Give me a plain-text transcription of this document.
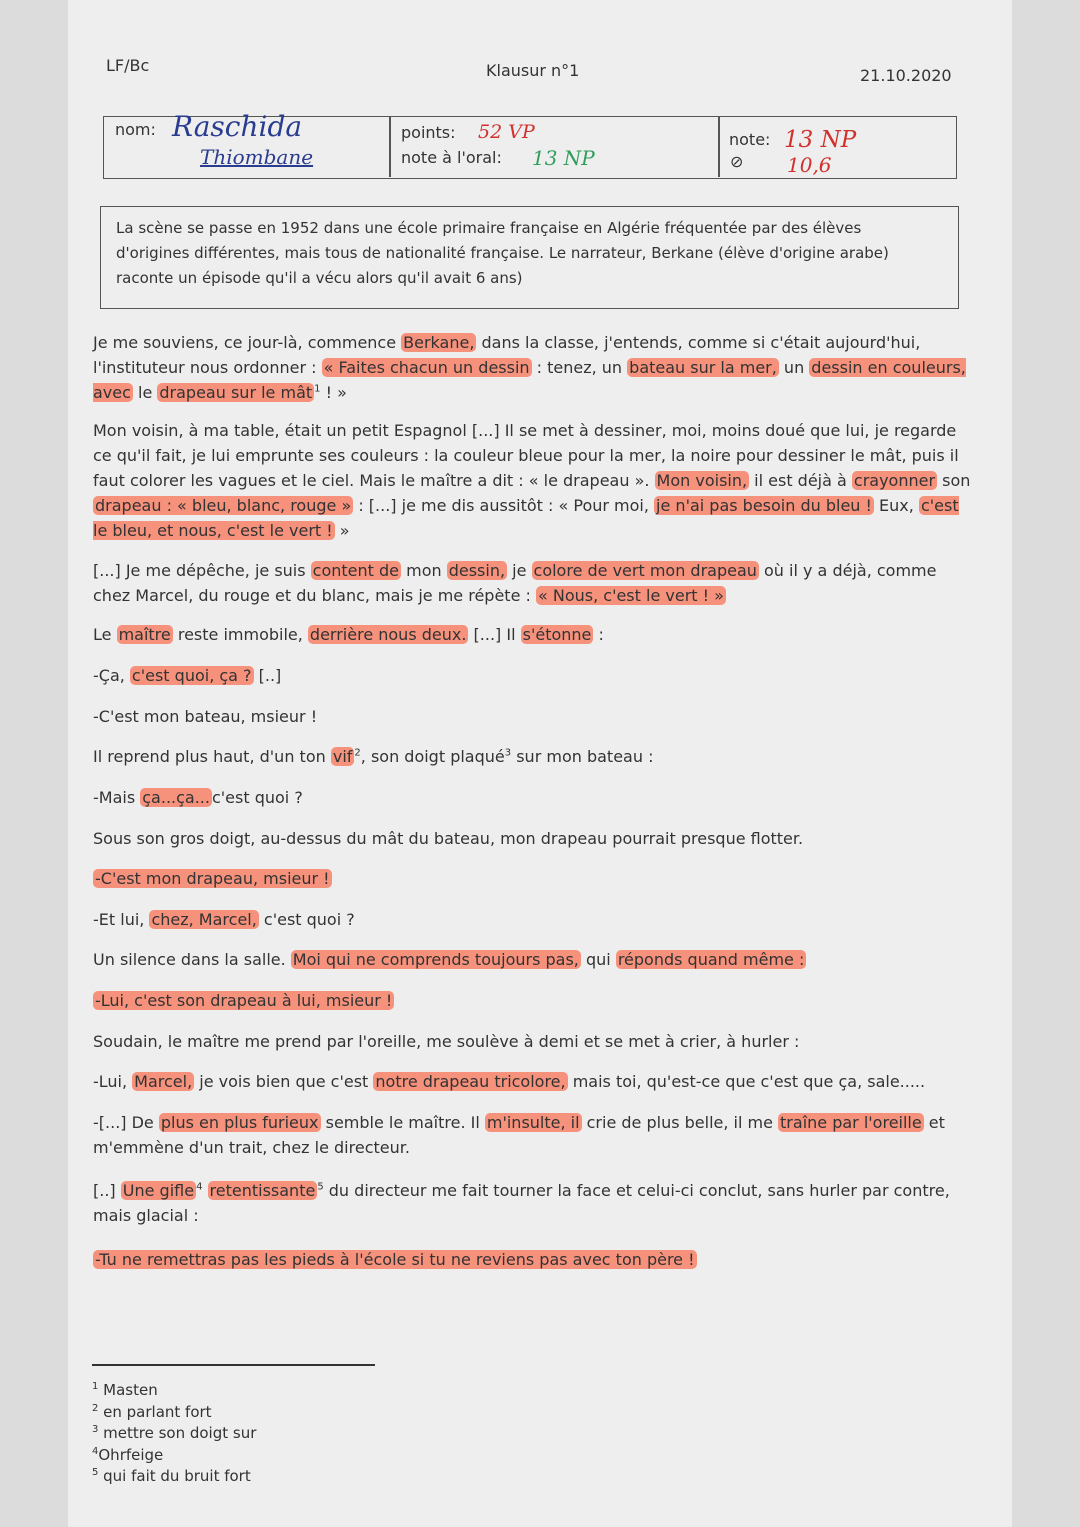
LF/Bc	Klausur n°1	21.10.2020
nom: Raschida
Thiombane
points: 52 VP
note à l'oral: 13 NP
note: 13 NP
⊘ 10,6
La scène se passe en 1952 dans une école primaire française en Algérie fréquentée par des élèves d'origines différentes, mais tous de nationalité française. Le narrateur, Berkane (élève d'origine arabe) raconte un épisode qu'il a vécu alors qu'il avait 6 ans)

Je me souviens, ce jour-là, commence Berkane, dans la classe, j'entends, comme si c'était aujourd'hui, l'instituteur nous ordonner : « Faites chacun un dessin : tenez, un bateau sur la mer, un dessin en couleurs, avec le drapeau sur le mât $^1$ ! »

Mon voisin, à ma table, était un petit Espagnol [...] Il se met à dessiner, moi, moins doué que lui, je regarde ce qu'il fait, je lui emprunte ses couleurs : la couleur bleue pour la mer, la noire pour dessiner le mât, puis il faut colorer les vagues et le ciel. Mais le maître a dit : « le drapeau ». Mon voisin, il est déjà à crayonner son drapeau : « bleu, blanc, rouge » : [...] je me dis aussitôt : « Pour moi, je n'ai pas besoin du bleu ! Eux, c'est le bleu, et nous, c'est le vert ! »

[...] Je me dépêche, je suis content de mon dessin, je colore de vert mon drapeau où il y a déjà, comme chez Marcel, du rouge et du blanc, mais je me répète : « Nous, c'est le vert ! »

Le maître reste immobile, derrière nous deux. [...] Il s'étonne :

-Ça, c'est quoi, ça ? [..]

-C'est mon bateau, msieur !

Il reprend plus haut, d'un ton vif $^2$, son doigt plaqué$^3$ sur mon bateau :

-Mais ça...ça... c'est quoi ?

Sous son gros doigt, au-dessus du mât du bateau, mon drapeau pourrait presque flotter.

-C'est mon drapeau, msieur !

-Et lui, chez, Marcel, c'est quoi ?

Un silence dans la salle. Moi qui ne comprends toujours pas, qui réponds quand même :

-Lui, c'est son drapeau à lui, msieur !

Soudain, le maître me prend par l'oreille, me soulève à demi et se met à crier, à hurler :

-Lui, Marcel, je vois bien que c'est notre drapeau tricolore, mais toi, qu'est-ce que c'est que ça, sale.....

-[...] De plus en plus furieux semble le maître. Il m'insulte, il crie de plus belle, il me traîne par l'oreille et m'emmène d'un trait, chez le directeur.

[..] Une gifle $^4$ retentissante $^5$ du directeur me fait tourner la face et celui-ci conclut, sans hurler par contre, mais glacial :

-Tu ne remettras pas les pieds à l'école si tu ne reviens pas avec ton père !

$^1$ Masten
$^2$ en parlant fort
$^3$ mettre son doigt sur
$^4$Ohrfeige
$^5$ qui fait du bruit fort
